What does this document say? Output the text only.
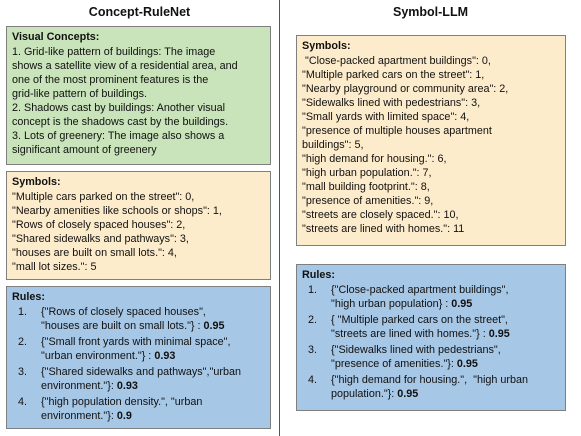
Concept-RuleNet
Visual Concepts:
1. Grid-like pattern of buildings: The image
shows a satellite view of a residential area, and
one of the most prominent features is the
grid-like pattern of buildings.
2. Shadows cast by buildings: Another visual
concept is the shadows cast by the buildings.
3. Lots of greenery: The image also shows a
significant amount of greenery
Symbols:
"Multiple cars parked on the street": 0,
"Nearby amenities like schools or shops": 1,
"Rows of closely spaced houses": 2,
"Shared sidewalks and pathways": 3,
"houses are built on small lots.": 4,
"mall lot sizes.": 5
Rules:
1. {"Rows of closely spaced houses",
"houses are built on small lots."} : 0.95
2. {"Small front yards with minimal space",
"urban environment."} : 0.93
3. {"Shared sidewalks and pathways","urban
environment."}: 0.93
4. {"high population density.", "urban
environment."}: 0.9
Symbol-LLM
Symbols:
"Close-packed apartment buildings": 0,
"Multiple parked cars on the street": 1,
"Nearby playground or community area": 2,
"Sidewalks lined with pedestrians": 3,
"Small yards with limited space": 4,
"presence of multiple houses apartment
buildings": 5,
"high demand for housing.": 6,
"high urban population.": 7,
"mall building footprint.": 8,
"presence of amenities.": 9,
"streets are closely spaced.": 10,
"streets are lined with homes.": 11
Rules:
1. {"Close-packed apartment buildings",
"high urban population} : 0.95
2. { "Multiple parked cars on the street",
"streets are lined with homes."} : 0.95
3. {"Sidewalks lined with pedestrians",
"presence of amenities."}: 0.95
4. {"high demand for housing.",  "high urban
population."}: 0.95
